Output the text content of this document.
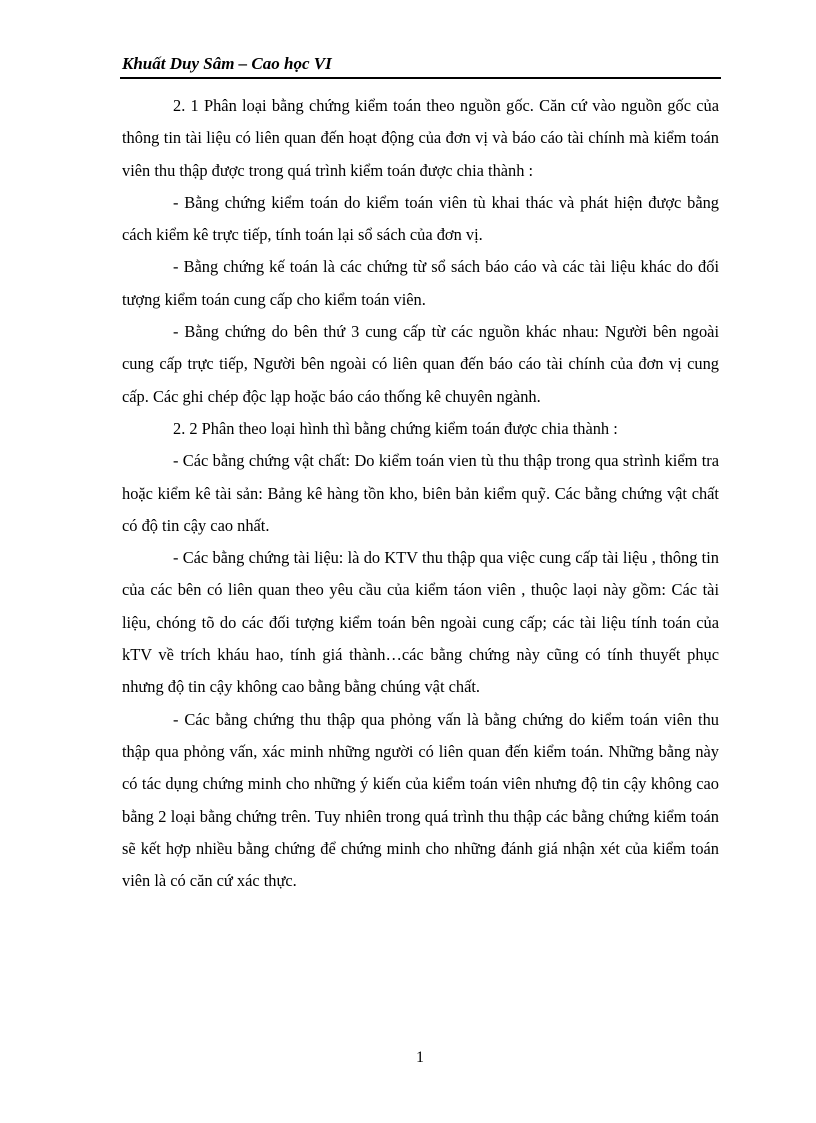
Khuất Duy Sâm – Cao học VI

2. 1 Phân loại bằng chứng kiểm toán theo nguồn gốc. Căn cứ vào nguồn gốc của thông tin tài liệu có liên quan đến hoạt động của đơn vị và báo cáo tài chính mà kiểm toán viên thu thập được trong quá trình kiểm toán được chia thành :

- Bằng chứng kiểm toán do kiểm toán viên tù khai thác và phát hiện được bằng cách kiểm kê trực tiếp, tính toán lại sổ sách của đơn vị.

- Bằng chứng kế toán là các chứng từ sổ sách báo cáo và các tài liệu khác do đối tượng kiểm toán cung cấp cho kiểm toán viên.

- Bằng chứng do bên thứ 3 cung cấp từ các nguồn khác nhau: Người bên ngoài cung cấp trực tiếp, Người bên ngoài có liên quan đến báo cáo tài chính của đơn vị cung cấp. Các ghi chép độc lạp hoặc báo cáo thống kê chuyên ngành.

2. 2 Phân theo loại hình thì bằng chứng kiểm toán được chia thành :

- Các bằng chứng vật chất: Do kiểm toán vien tù thu thập trong qua strình kiểm tra hoặc kiểm kê tài sản: Bảng kê hàng tồn kho, biên bản kiểm quỹ. Các bằng chứng vật chất có độ tin cậy cao nhất.

- Các bằng chứng tài liệu: là do KTV thu thập qua việc cung cấp tài liệu , thông tin của các bên có liên quan theo yêu cầu của kiểm táon viên , thuộc laọi này gồm: Các tài liệu, chóng tõ do các đối tượng kiểm toán bên ngoài cung cấp; các tài liệu tính toán của kTV về trích kháu hao, tính giá thành…các bằng chứng này cũng có tính thuyết phục nhưng độ tin cậy không cao bằng bằng chúng vật chất.

- Các bằng chứng thu thập qua phỏng vấn là bằng chứng do kiểm toán viên thu thập qua phỏng vấn, xác minh những người có liên quan đến kiểm toán. Những bằng này có tác dụng chứng minh cho những ý kiến của kiểm toán viên nhưng độ tin cậy không cao bằng 2 loại bằng chứng trên. Tuy nhiên trong quá trình thu thập các bằng chứng kiểm toán sẽ kết hợp nhiều bằng chứng để chứng minh cho những đánh giá nhận xét của kiểm toán viên là có căn cứ xác thực.

1
